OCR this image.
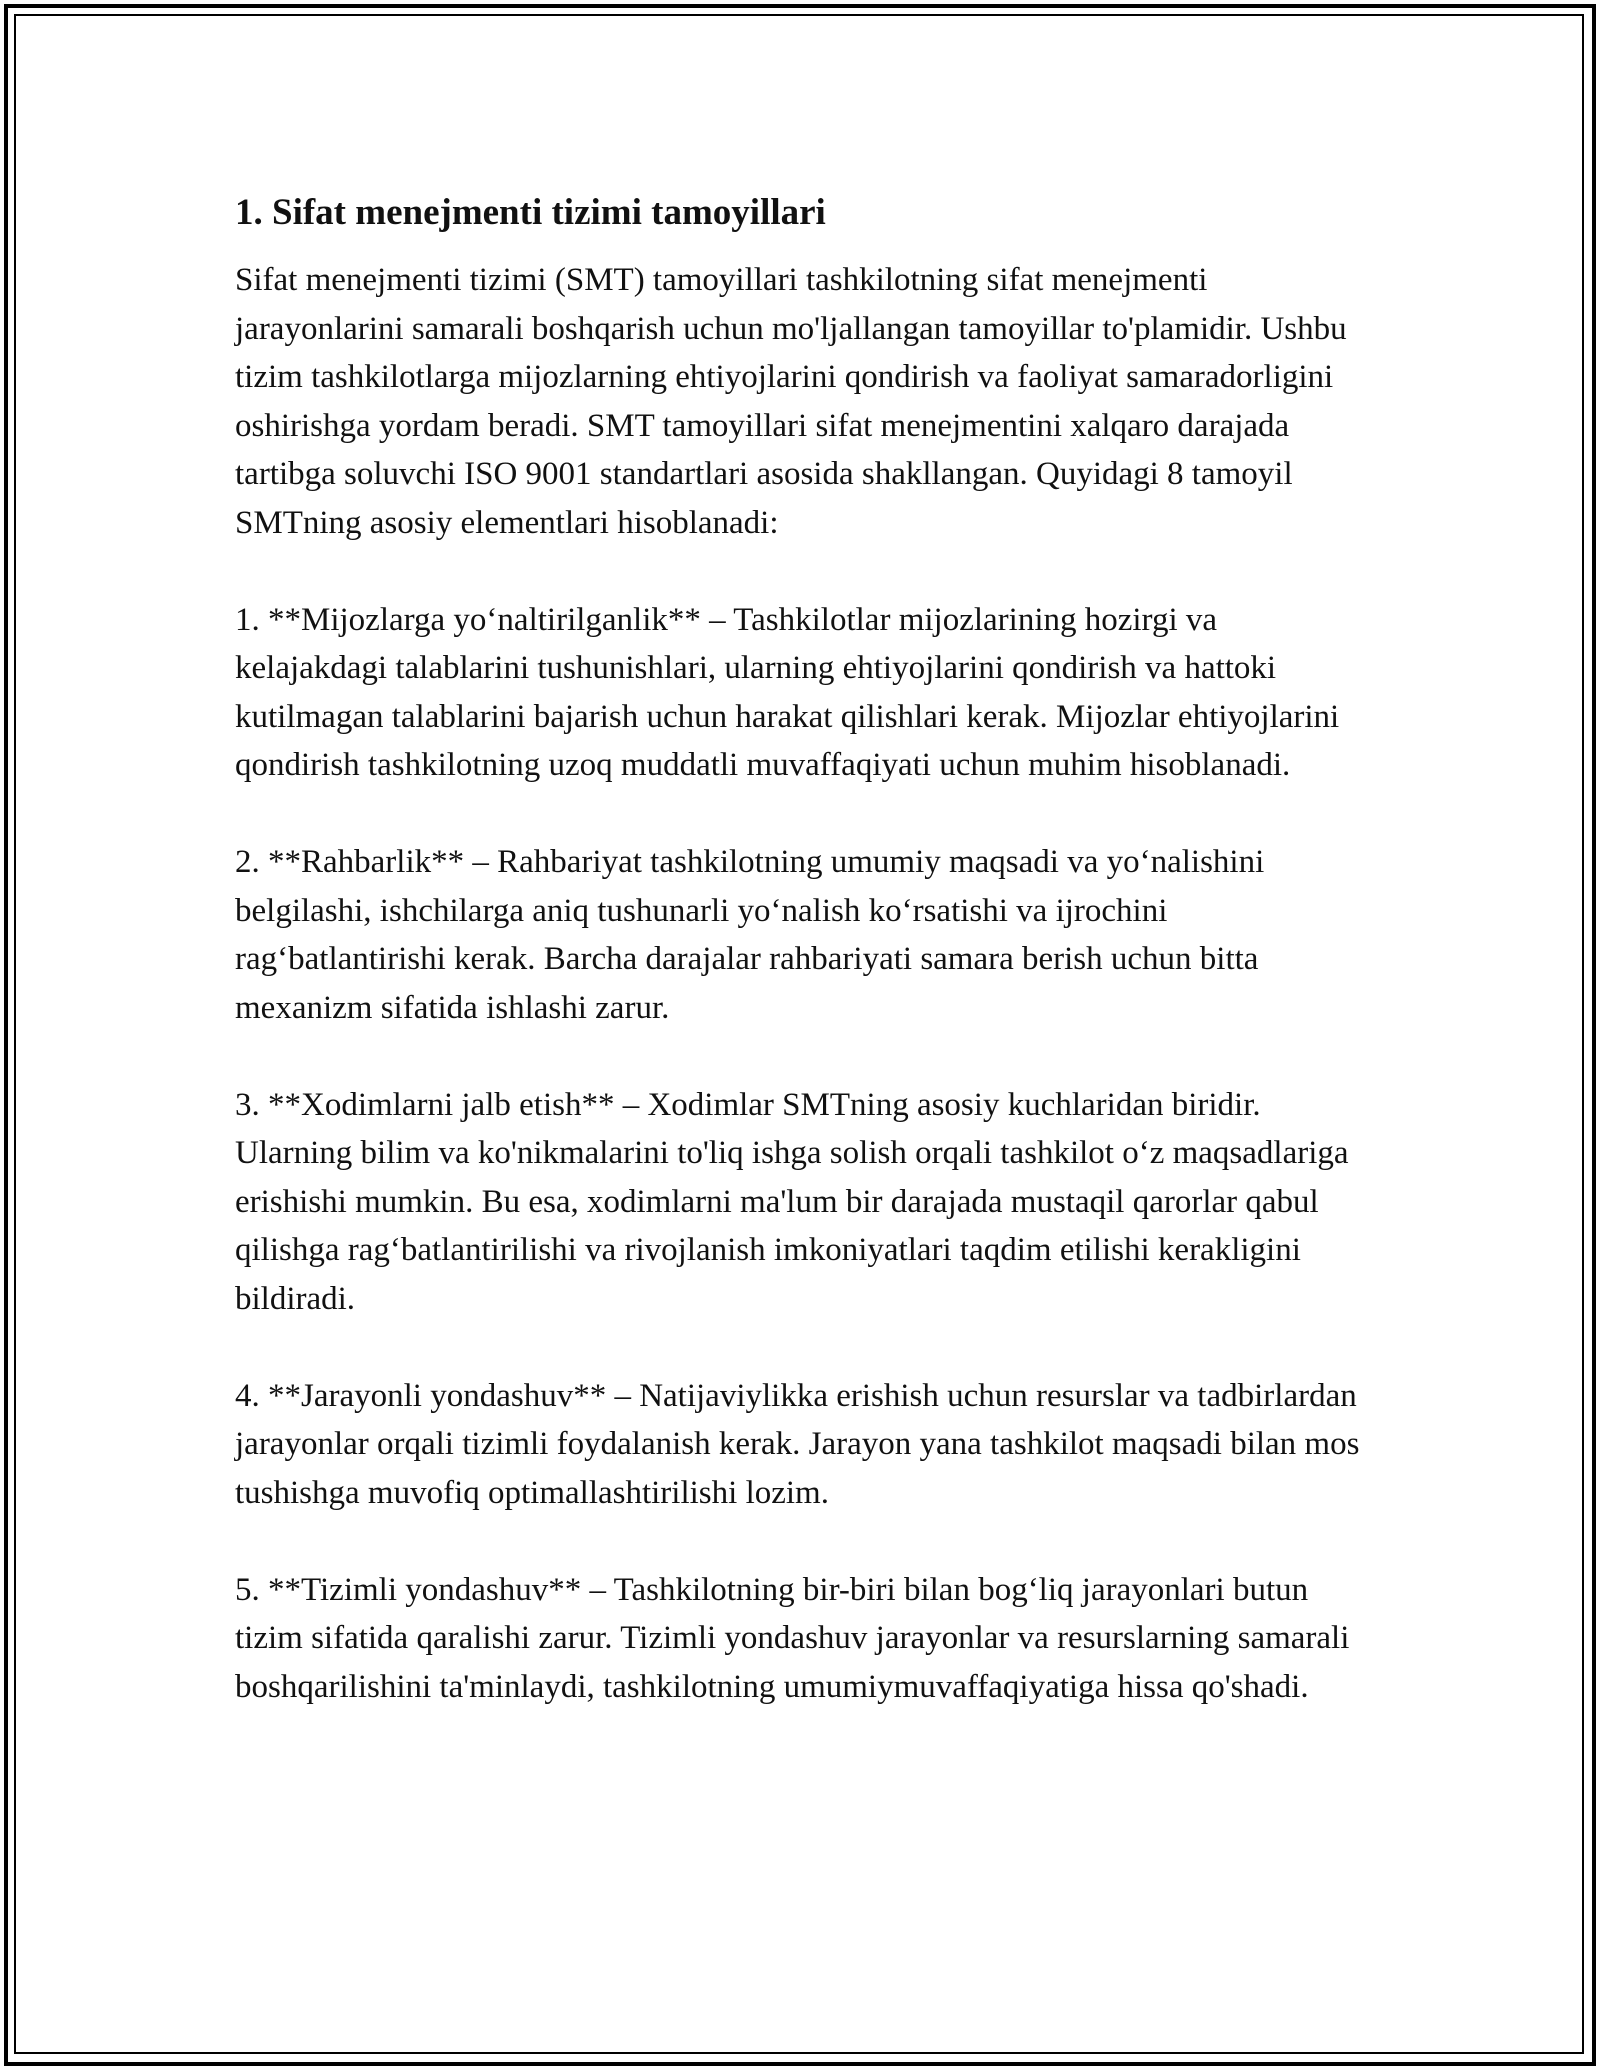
1. Sifat menejmenti tizimi tamoyillari

Sifat menejmenti tizimi (SMT) tamoyillari tashkilotning sifat menejmenti jarayonlarini samarali boshqarish uchun mo'ljallangan tamoyillar to'plamidir. Ushbu tizim tashkilotlarga mijozlarning ehtiyojlarini qondirish va faoliyat samaradorligini oshirishga yordam beradi. SMT tamoyillari sifat menejmentini xalqaro darajada tartibga soluvchi ISO 9001 standartlari asosida shakllangan. Quyidagi 8 tamoyil SMTning asosiy elementlari hisoblanadi:

1. **Mijozlarga yo‘naltirilganlik** – Tashkilotlar mijozlarining hozirgi va kelajakdagi talablarini tushunishlari, ularning ehtiyojlarini qondirish va hattoki kutilmagan talablarini bajarish uchun harakat qilishlari kerak. Mijozlar ehtiyojlarini qondirish tashkilotning uzoq muddatli muvaffaqiyati uchun muhim hisoblanadi.

2. **Rahbarlik** – Rahbariyat tashkilotning umumiy maqsadi va yo‘nalishini belgilashi, ishchilarga aniq tushunarli yo‘nalish ko‘rsatishi va ijrochini rag‘batlantirishi kerak. Barcha darajalar rahbariyati samara berish uchun bitta mexanizm sifatida ishlashi zarur.

3. **Xodimlarni jalb etish** – Xodimlar SMTning asosiy kuchlaridan biridir. Ularning bilim va ko'nikmalarini to'liq ishga solish orqali tashkilot o‘z maqsadlariga erishishi mumkin. Bu esa, xodimlarni ma'lum bir darajada mustaqil qarorlar qabul qilishga rag‘batlantirilishi va rivojlanish imkoniyatlari taqdim etilishi kerakligini bildiradi.

4. **Jarayonli yondashuv** – Natijaviylikka erishish uchun resurslar va tadbirlardan jarayonlar orqali tizimli foydalanish kerak. Jarayon yana tashkilot maqsadi bilan mos tushishga muvofiq optimallashtirilishi lozim.

5. **Tizimli yondashuv** – Tashkilotning bir-biri bilan bog‘liq jarayonlari butun tizim sifatida qaralishi zarur. Tizimli yondashuv jarayonlar va resurslarning samarali boshqarilishini ta'minlaydi, tashkilotning umumiymuvaffaqiyatiga hissa qo'shadi.
